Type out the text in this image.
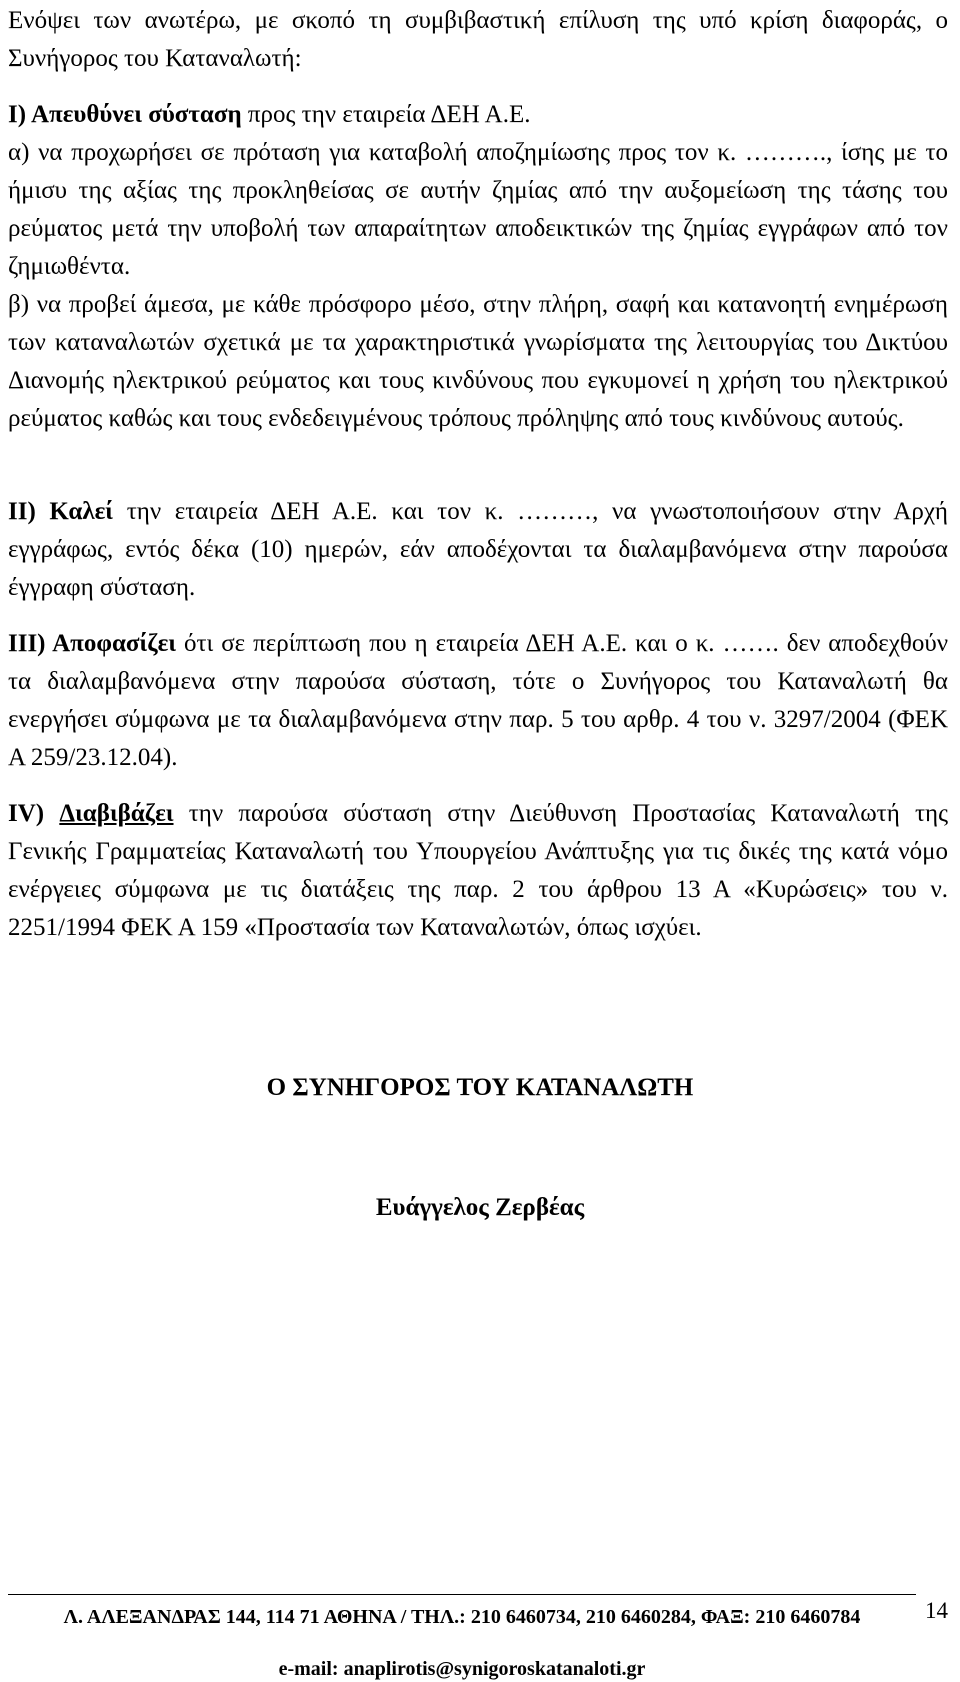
Ενόψει των ανωτέρω, με σκοπό τη συμβιβαστική επίλυση της υπό κρίση διαφοράς, ο Συνήγορος του Καταναλωτή:

Ι) Απευθύνει σύσταση προς την εταιρεία ΔΕΗ Α.Ε.

α) να προχωρήσει σε πρόταση για καταβολή αποζημίωσης προς τον κ. ………., ίσης με το ήμισυ της αξίας της προκληθείσας σε αυτήν ζημίας από την αυξομείωση της τάσης του ρεύματος μετά την υποβολή των απαραίτητων αποδεικτικών της ζημίας εγγράφων από τον ζημιωθέντα.

β) να προβεί άμεσα, με κάθε πρόσφορο μέσο, στην πλήρη, σαφή και κατανοητή ενημέρωση των καταναλωτών σχετικά με τα χαρακτηριστικά γνωρίσματα της λειτουργίας του Δικτύου Διανομής ηλεκτρικού ρεύματος και τους κινδύνους που εγκυμονεί η χρήση του ηλεκτρικού ρεύματος καθώς και τους ενδεδειγμένους τρόπους πρόληψης από τους κινδύνους αυτούς.

ΙΙ) Καλεί την εταιρεία ΔΕΗ Α.Ε. και τον κ. ………, να γνωστοποιήσουν στην Αρχή εγγράφως, εντός δέκα (10) ημερών, εάν αποδέχονται τα διαλαμβανόμενα στην παρούσα έγγραφη σύσταση.

ΙΙΙ) Αποφασίζει ότι σε περίπτωση που η εταιρεία ΔΕΗ Α.Ε. και ο κ. ……. δεν αποδεχθούν τα διαλαμβανόμενα στην παρούσα σύσταση, τότε ο Συνήγορος του Καταναλωτή θα ενεργήσει σύμφωνα με τα διαλαμβανόμενα στην παρ. 5 του αρθρ. 4 του ν. 3297/2004 (ΦΕΚ Α 259/23.12.04).

IV) Διαβιβάζει την παρούσα σύσταση στην Διεύθυνση Προστασίας Καταναλωτή της Γενικής Γραμματείας Καταναλωτή του Υπουργείου Ανάπτυξης για τις δικές της κατά νόμο ενέργειες σύμφωνα με τις διατάξεις της παρ. 2 του άρθρου 13 Α «Κυρώσεις» του ν. 2251/1994 ΦΕΚ Α 159 «Προστασία των Καταναλωτών, όπως ισχύει.

Ο ΣΥΝΗΓΟΡΟΣ ΤΟΥ ΚΑΤΑΝΑΛΩΤΗ

Ευάγγελος Ζερβέας

Λ. ΑΛΕΞΑΝΔΡΑΣ 144, 114 71 ΑΘΗΝΑ / ΤΗΛ.: 210 6460734, 210 6460284, ΦΑΞ: 210 6460784

e-mail: anaplirotis@synigoroskatanaloti.gr

14
